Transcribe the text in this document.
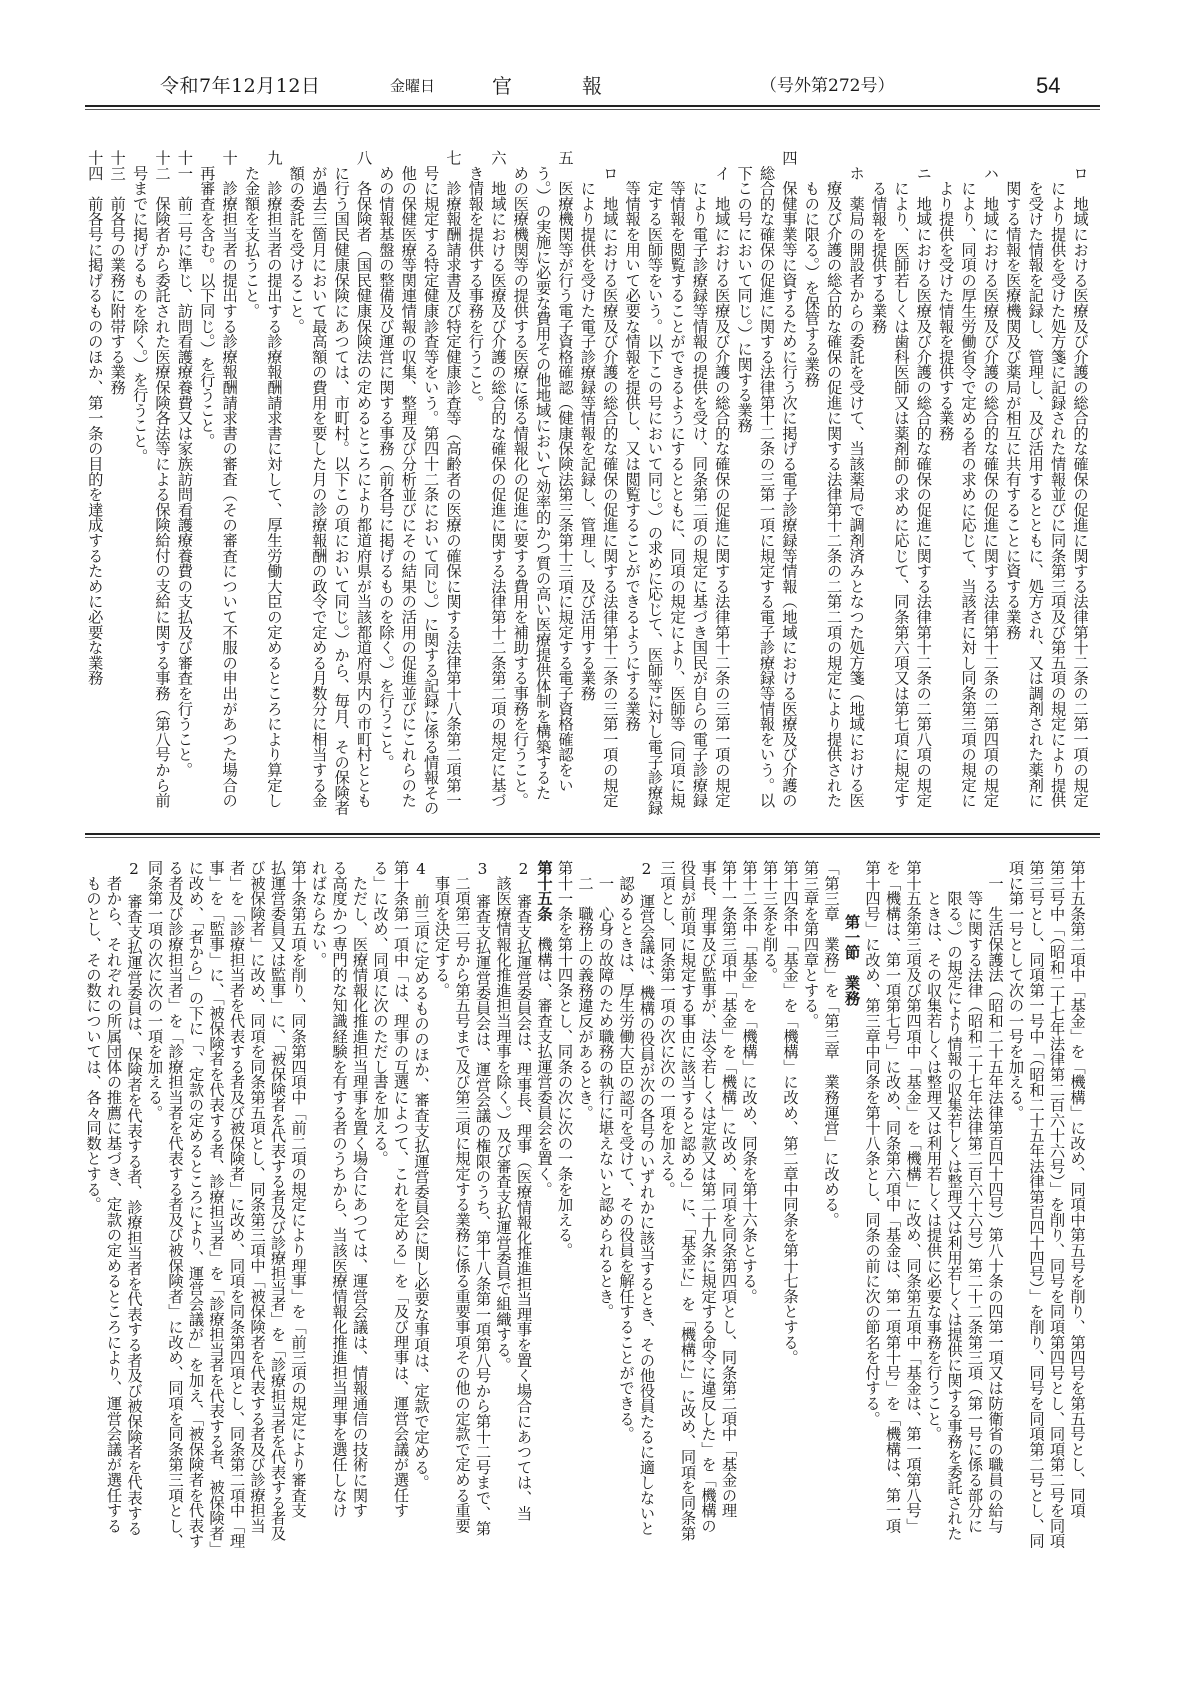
令和7年12月12日	金曜日	官	報	（号外第272号）	54
　ロ　地域における医療及び介護の総合的な確保の促進に関する法律第十二条の二第一項の規定
　　により提供を受けた処方箋に記録された情報並びに同条第三項及び第五項の規定により提供
　　を受けた情報を記録し、管理し、及び活用するとともに、処方され、又は調剤された薬剤に
　　関する情報を医療機関及び薬局が相互に共有することに資する業務
　ハ　地域における医療及び介護の総合的な確保の促進に関する法律第十二条の二第四項の規定
　　により、同項の厚生労働省令で定める者の求めに応じて、当該者に対し同条第三項の規定に
　　より提供を受けた情報を提供する業務
　ニ　地域における医療及び介護の総合的な確保の促進に関する法律第十二条の二第八項の規定
　　により、医師若しくは歯科医師又は薬剤師の求めに応じて、同条第六項又は第七項に規定す
　　る情報を提供する業務
　ホ　薬局の開設者からの委託を受けて、当該薬局で調剤済みとなつた処方箋（地域における医
　　療及び介護の総合的な確保の促進に関する法律第十二条の二第二項の規定により提供された
　　ものに限る。）を保管する業務
四　保健事業等に資するために行う次に掲げる電子診療録等情報（地域における医療及び介護の
　総合的な確保の促進に関する法律第十二条の三第一項に規定する電子診療録等情報をいう。以
　下この号において同じ。）に関する業務
　イ　地域における医療及び介護の総合的な確保の促進に関する法律第十二条の三第一項の規定
　　により電子診療録等情報の提供を受け、同条第二項の規定に基づき国民が自らの電子診療録
　　等情報を閲覧することができるようにするとともに、同項の規定により、医師等（同項に規
　　定する医師等をいう。以下この号において同じ。）の求めに応じて、医師等に対し電子診療録
　　等情報を用いて必要な情報を提供し、又は閲覧することができるようにする業務
　ロ　地域における医療及び介護の総合的な確保の促進に関する法律第十二条の三第一項の規定
　　により提供を受けた電子診療録等情報を記録し、管理し、及び活用する業務
五　医療機関等が行う電子資格確認（健康保険法第三条第十三項に規定する電子資格確認をい
　う。）の実施に必要な費用その他地域において効率的かつ質の高い医療提供体制を構築するた
　めの医療機関等の提供する医療に係る情報化の促進に要する費用を補助する事務を行うこと。
六　地域における医療及び介護の総合的な確保の促進に関する法律第十二条第二項の規定に基づ
　き情報を提供する事務を行うこと。
七　診療報酬請求書及び特定健康診査等（高齢者の医療の確保に関する法律第十八条第二項第一
　号に規定する特定健康診査等をいう。第四十二条において同じ。）に関する記録に係る情報その
　他の保健医療等関連情報の収集、整理及び分析並びにその結果の活用の促進並びにこれらのた
　めの情報基盤の整備及び運営に関する事務（前各号に掲げるものを除く。）を行うこと。
八　各保険者（国民健康保険法の定めるところにより都道府県が当該都道府県内の市町村ととも
　に行う国民健康保険にあつては、市町村。以下この項において同じ。）から、毎月、その保険者
　が過去三箇月において最高額の費用を要した月の診療報酬の政令で定める月数分に相当する金
　額の委託を受けること。
九　診療担当者の提出する診療報酬請求書に対して、厚生労働大臣の定めるところにより算定し
　た金額を支払うこと。
十　診療担当者の提出する診療報酬請求書の審査（その審査について不服の申出があつた場合の
　再審査を含む。以下同じ。）を行うこと。
十一　前二号に準じ、訪問看護療養費又は家族訪問看護療養費の支払及び審査を行うこと。
十二　保険者から委託された医療保険各法等による保険給付の支給に関する事務（第八号から前
　号までに掲げるものを除く。）を行うこと。
十三　前各号の業務に附帯する業務
十四　前各号に掲げるもののほか、第一条の目的を達成するために必要な業務
第十五条第二項中「基金」を「機構」に改め、同項中第五号を削り、第四号を第五号とし、同項
第三号中「（昭和二十七年法律第二百六十六号）」を削り、同号を同項第四号とし、同項第二号を同項
第三号とし、同項第一号中「（昭和二十五年法律第百四十四号）」を削り、同号を同項第二号とし、同
項に第一号として次の一号を加える。
　一　生活保護法（昭和二十五年法律第百四十四号）第八十条の四第一項又は防衛省の職員の給与
　　等に関する法律（昭和二十七年法律第二百六十六号）第二十二条第三項（第一号に係る部分に
　　限る。）の規定により情報の収集若しくは整理又は利用若しくは提供に関する事務を委託された
　　ときは、その収集若しくは整理又は利用若しくは提供に必要な事務を行うこと。
第十五条第三項及び第四項中「基金」を「機構」に改め、同条第五項中「基金は、第一項第八号」
を「機構は、第一項第七号」に改め、同条第六項中「基金は、第一項第十号」を「機構は、第一項
第十四号」に改め、第三章中同条を第十八条とし、同条の前に次の節名を付する。
第一節　業務
「第三章　業務」を「第三章　業務運営」に改める。
第三章を第四章とする。
第十四条中「基金」を「機構」に改め、第二章中同条を第十七条とする。
第十三条を削る。
第十二条中「基金」を「機構」に改め、同条を第十六条とする。
第十一条第三項中「基金」を「機構」に改め、同項を同条第四項とし、同条第二項中「基金の理
事長、理事及び監事が、法令若しくは定款又は第二十九条に規定する命令に違反した」を「機構の
役員が前項に規定する事由に該当すると認める」に、「基金に」を「機構に」に改め、同項を同条第
三項とし、同条第一項の次に次の一項を加える。
2　運営会議は、機構の役員が次の各号のいずれかに該当するとき、その他役員たるに適しないと
　認めるときは、厚生労働大臣の認可を受けて、その役員を解任することができる。
　一　心身の故障のため職務の執行に堪えないと認められるとき。
　二　職務上の義務違反があるとき。
第十一条を第十四条とし、同条の次に次の一条を加える。
第十五条　機構は、審査支払運営委員会を置く。
2　審査支払運営委員会は、理事長、理事（医療情報化推進担当理事を置く場合にあつては、当
　該医療情報化推進担当理事を除く。）及び審査支払運営委員で組織する。
3　審査支払運営委員会は、運営会議の権限のうち、第十八条第一項第八号から第十二号まで、第
　二項第二号から第五号まで及び第三項に規定する業務に係る重要事項その他の定款で定める重要
　事項を決定する。
4　前三項に定めるもののほか、審査支払運営委員会に関し必要な事項は、定款で定める。
第十条第一項中「は、理事の互選によつて、これを定める」を「及び理事は、運営会議が選任す
る」に改め、同項に次のただし書を加える。
　ただし、医療情報化推進担当理事を置く場合にあつては、運営会議は、情報通信の技術に関す
る高度かつ専門的な知識経験を有する者のうちから、当該医療情報化推進担当理事を選任しなけ
ればならない。
第十条第五項を削り、同条第四項中「前二項の規定により理事」を「前三項の規定により審査支
払運営委員又は監事」に、「被保険者を代表する者及び診療担当者」を「診療担当者を代表する者及
び被保険者」に改め、同項を同条第五項とし、同条第三項中「被保険者を代表する者及び診療担当
者」を「診療担当者を代表する者及び被保険者」に改め、同項を同条第四項とし、同条第二項中「理
事」を「監事」に、「被保険者を代表する者、診療担当者」を「診療担当者を代表する者、被保険者」
に改め、「者から」の下に「、定款の定めるところにより、運営会議が」を加え、「被保険者を代表す
る者及び診療担当者」を「診療担当者を代表する者及び被保険者」に改め、同項を同条第三項とし、
同条第一項の次に次の一項を加える。
2　審査支払運営委員は、保険者を代表する者、診療担当者を代表する者及び被保険者を代表する
　者から、それぞれの所属団体の推薦に基づき、定款の定めるところにより、運営会議が選任する
　ものとし、その数については、各々同数とする。
